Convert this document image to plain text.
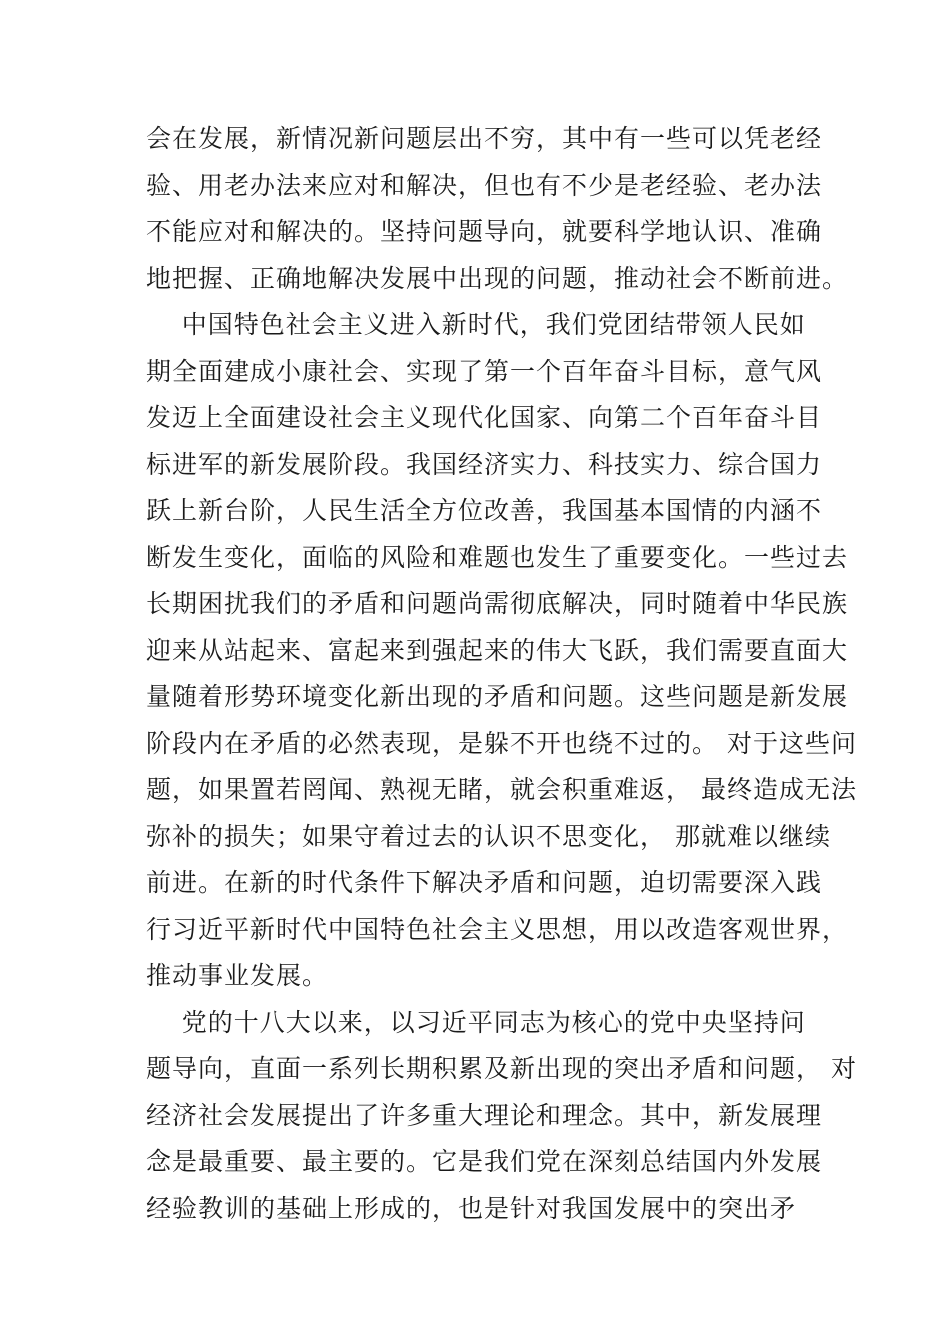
会在发展，新情况新问题层出不穷，其中有一些可以凭老经
验、用老办法来应对和解决，但也有不少是老经验、老办法
不能应对和解决的。坚持问题导向，就要科学地认识、准确
地把握、正确地解决发展中出现的问题，推动社会不断前进。
中国特色社会主义进入新时代，我们党团结带领人民如
期全面建成小康社会、实现了第一个百年奋斗目标，意气风
发迈上全面建设社会主义现代化国家、向第二个百年奋斗目
标进军的新发展阶段。我国经济实力、科技实力、综合国力
跃上新台阶，人民生活全方位改善，我国基本国情的内涵不
断发生变化，面临的风险和难题也发生了重要变化。一些过去
长期困扰我们的矛盾和问题尚需彻底解决，同时随着中华民族
迎来从站起来、富起来到强起来的伟大飞跃，我们需要直面大
量随着形势环境变化新出现的矛盾和问题。这些问题是新发展
阶段内在矛盾的必然表现，是躲不开也绕不过的。 对于这些问
题，如果置若罔闻、熟视无睹，就会积重难返， 最终造成无法
弥补的损失；如果守着过去的认识不思变化， 那就难以继续
前进。在新的时代条件下解决矛盾和问题，迫切需要深入践
行习近平新时代中国特色社会主义思想，用以改造客观世界，
推动事业发展。
党的十八大以来，以习近平同志为核心的党中央坚持问
题导向，直面一系列长期积累及新出现的突出矛盾和问题， 对
经济社会发展提出了许多重大理论和理念。其中，新发展理
念是最重要、最主要的。它是我们党在深刻总结国内外发展
经验教训的基础上形成的，也是针对我国发展中的突出矛
